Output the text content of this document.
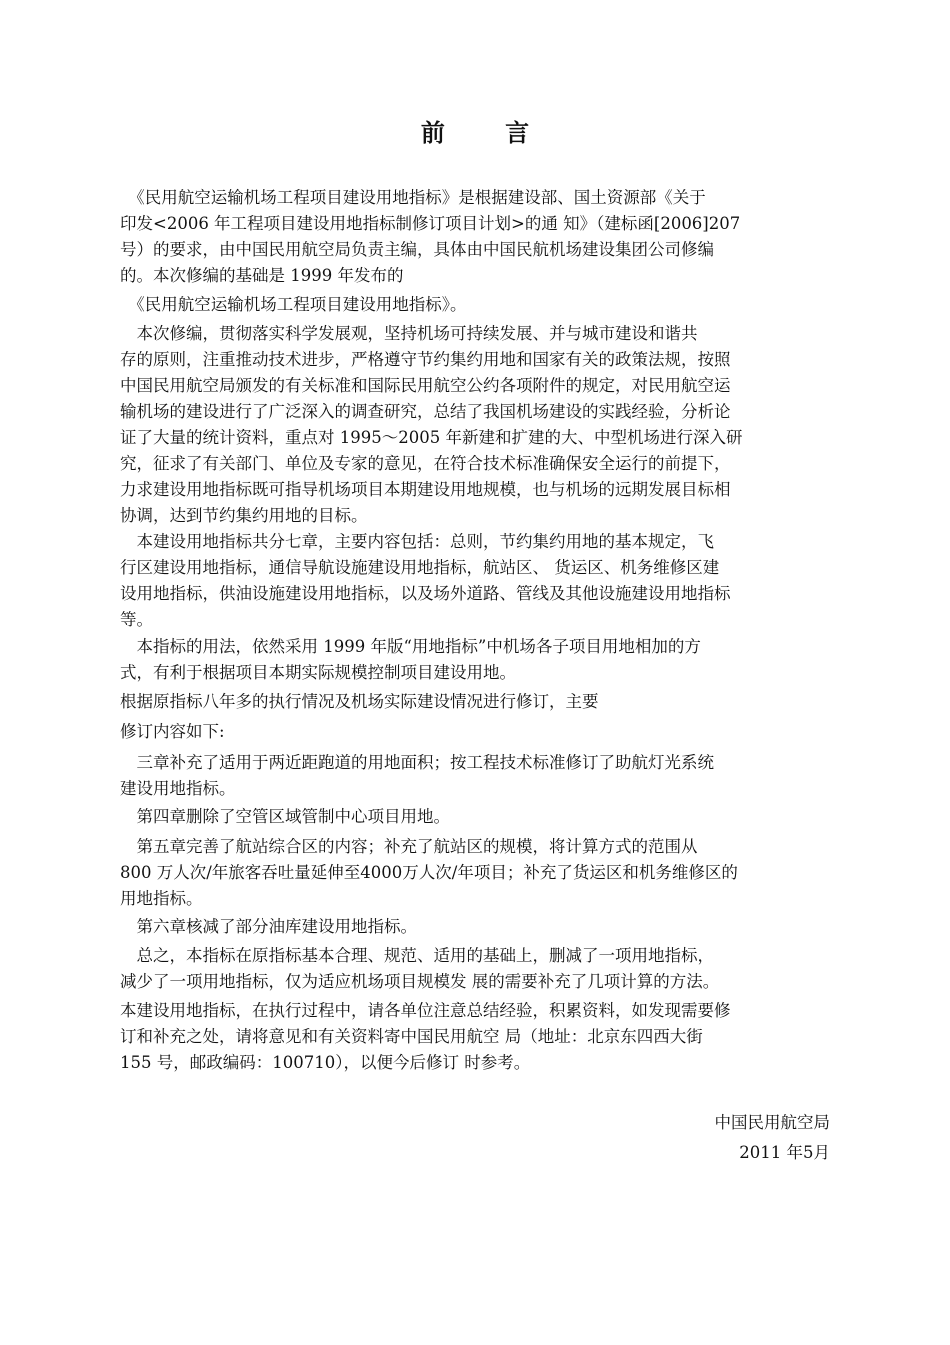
前 言
　《民用航空运输机场工程项目建设用地指标》是根据建设部、国土资源部《关于
印发<2006 年工程项目建设用地指标制修订项目计划>的通 知》（建标函[2006]207
号）的要求，由中国民用航空局负责主编，具体由中国民航机场建设集团公司修编
的。本次修编的基础是 1999 年发布的
　《民用航空运输机场工程项目建设用地指标》。
　本次修编，贯彻落实科学发展观，坚持机场可持续发展、并与城市建设和谐共
存的原则，注重推动技术进步，严格遵守节约集约用地和国家有关的政策法规，按照
中国民用航空局颁发的有关标准和国际民用航空公约各项附件的规定，对民用航空运
输机场的建设进行了广泛深入的调查研究，总结了我国机场建设的实践经验，分析论
证了大量的统计资料，重点对 1995～2005 年新建和扩建的大、中型机场进行深入研
究，征求了有关部门、单位及专家的意见，在符合技术标准确保安全运行的前提下，
力求建设用地指标既可指导机场项目本期建设用地规模，也与机场的远期发展目标相
协调，达到节约集约用地的目标。
　本建设用地指标共分七章，主要内容包括：总则，节约集约用地的基本规定，飞
行区建设用地指标，通信导航设施建设用地指标，航站区、 货运区、机务维修区建
设用地指标，供油设施建设用地指标，以及场外道路、管线及其他设施建设用地指标
等。
　本指标的用法，依然采用 1999 年版“用地指标”中机场各子项目用地相加的方
式，有利于根据项目本期实际规模控制项目建设用地。
根据原指标八年多的执行情况及机场实际建设情况进行修订，主要
修订内容如下:
　三章补充了适用于两近距跑道的用地面积；按工程技术标准修订了助航灯光系统
建设用地指标。
　第四章删除了空管区域管制中心项目用地。
　第五章完善了航站综合区的内容；补充了航站区的规模，将计算方式的范围从
800 万人次/年旅客吞吐量延伸至4000万人次/年项目；补充了货运区和机务维修区的
用地指标。
　第六章核减了部分油库建设用地指标。
　总之，本指标在原指标基本合理、规范、适用的基础上，删减了一项用地指标，
减少了一项用地指标，仅为适应机场项目规模发 展的需要补充了几项计算的方法。
本建设用地指标，在执行过程中，请各单位注意总结经验，积累资料，如发现需要修
订和补充之处，请将意见和有关资料寄中国民用航空 局（地址：北京东四西大街
155 号，邮政编码：100710），以便今后修订 时参考。
中国民用航空局
2011 年5月
